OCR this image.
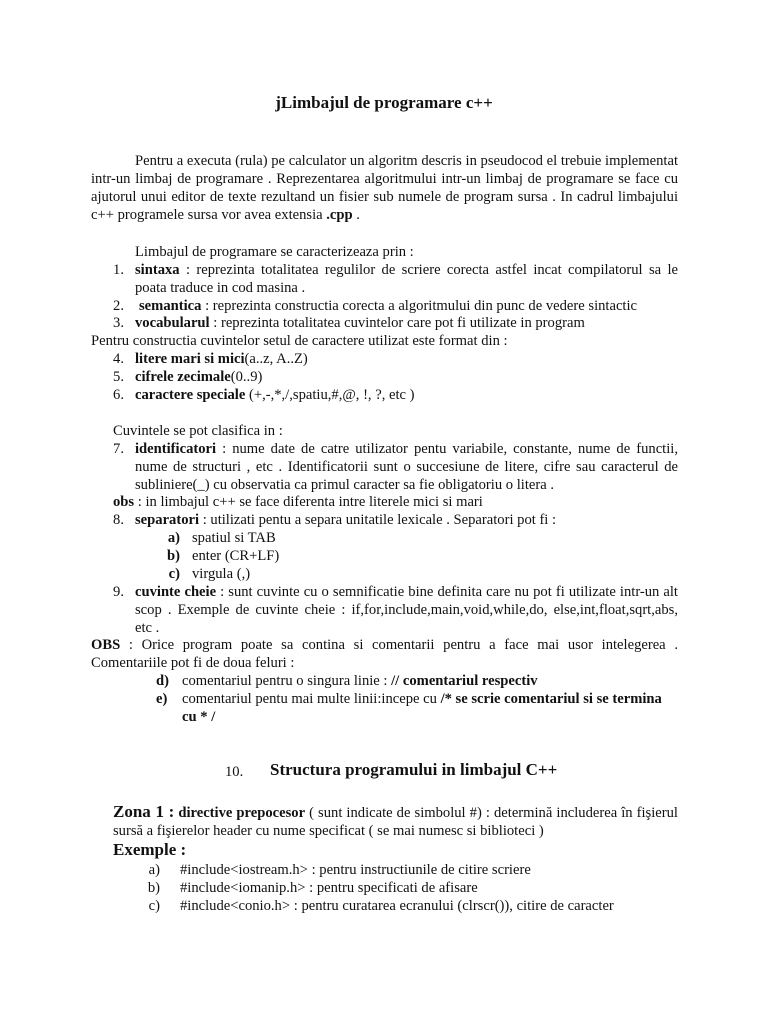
jLimbajul de programare c++
Pentru a executa (rula) pe calculator un algoritm descris in pseudocod el trebuie implementat intr-un limbaj de programare . Reprezentarea algoritmului intr-un limbaj de programare se face cu ajutorul unui editor de texte rezultand un fisier sub numele de program sursa . In cadrul limbajului c++ programele sursa vor avea extensia .cpp .
Limbajul de programare se caracterizeaza prin :
1. sintaxa : reprezinta totalitatea regulilor de scriere corecta astfel incat compilatorul sa le poata traduce in cod masina .
2. semantica : reprezinta constructia corecta a algoritmului din punc de vedere sintactic
3. vocabularul : reprezinta totalitatea cuvintelor care pot fi utilizate in program
Pentru constructia cuvintelor setul de caractere utilizat este format din :
4. litere mari si mici(a..z, A..Z)
5. cifrele zecimale(0..9)
6. caractere speciale (+,-,*,/,spatiu,#,@, !, ?, etc )
Cuvintele se pot clasifica in :
7. identificatori : nume date de catre utilizator pentu variabile, constante, nume de functii, nume de structuri , etc . Identificatorii sunt o succesiune de litere, cifre sau caracterul de subliniere(_) cu observatia ca primul caracter sa fie obligatoriu o litera .
obs : in limbajul c++ se face diferenta intre literele mici si mari
8. separatori : utilizati pentu a separa unitatile lexicale . Separatori pot fi :
a) spatiul si TAB
b) enter (CR+LF)
c) virgula (,)
9. cuvinte cheie : sunt cuvinte cu o semnificatie bine definita care nu pot fi utilizate intr-un alt scop . Exemple de cuvinte cheie : if,for,include,main,void,while,do, else,int,float,sqrt,abs, etc .
OBS : Orice program poate sa contina si comentarii pentru a face mai usor intelegerea . Comentariile pot fi de doua feluri :
d) comentariul pentru o singura linie : // comentariul respectiv
e) comentariul pentu mai multe linii:incepe cu /* se scrie comentariul si se termina cu * /
10. Structura programului in limbajul C++
Zona 1 : directive prepocesor ( sunt indicate de simbolul #) : determină includerea în fişierul sursă a fişierelor header cu nume specificat ( se mai numesc si biblioteci )
Exemple :
a) #include<iostream.h> : pentru instructiunile de citire scriere
b) #include<iomanip.h> : pentru specificati de afisare
c) #include<conio.h> : pentru curatarea ecranului (clrscr()), citire de caracter
